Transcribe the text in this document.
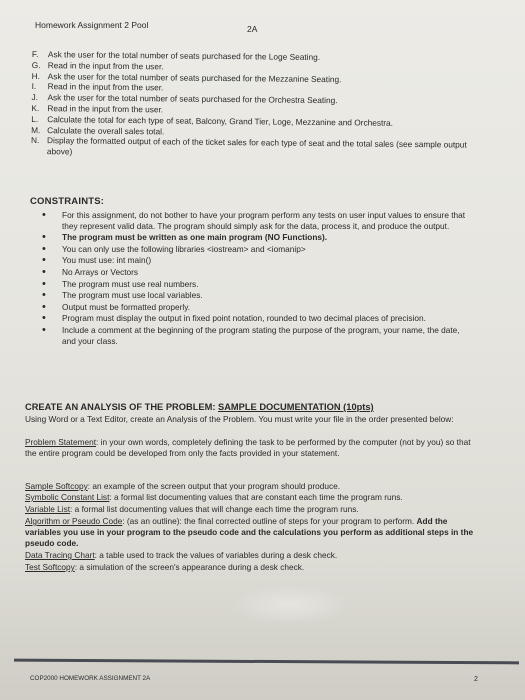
Homework Assignment 2 Pool	2A
F.	Ask the user for the total number of seats purchased for the Loge Seating.
G. Read in the input from the user.
H. Ask the user for the total number of seats purchased for the Mezzanine Seating.
I.	Read in the input from the user.
J.	Ask the user for the total number of seats purchased for the Orchestra Seating.
K. Read in the input from the user.
L.	Calculate the total for each type of seat, Balcony, Grand Tier, Loge, Mezzanine and Orchestra.
M. Calculate the overall sales total.
N. Display the formatted output of each of the ticket sales for each type of seat and the total sales (see sample output above)
CONSTRAINTS:
•	For this assignment, do not bother to have your program perform any tests on user input values to ensure that they represent valid data. The program should simply ask for the data, process it, and produce the output.
•	The program must be written as one main program (NO Functions).
•	You can only use the following libraries <iostream> and <iomanip>
•	You must use: int main()
•	No Arrays or Vectors
•	The program must use real numbers.
•	The program must use local variables.
•	Output must be formatted properly.
•	Program must display the output in fixed point notation, rounded to two decimal places of precision.
•	Include a comment at the beginning of the program stating the purpose of the program, your name, the date, and your class.
CREATE AN ANALYSIS OF THE PROBLEM: SAMPLE DOCUMENTATION (10pts)
Using Word or a Text Editor, create an Analysis of the Problem. You must write your file in the order presented below:
Problem Statement: in your own words, completely defining the task to be performed by the computer (not by you) so that the entire program could be developed from only the facts provided in your statement.
Sample Softcopy: an example of the screen output that your program should produce.
Symbolic Constant List: a formal list documenting values that are constant each time the program runs.
Variable List: a formal list documenting values that will change each time the program runs.
Algorithm or Pseudo Code: (as an outline): the final corrected outline of steps for your program to perform. Add the variables you use in your program to the pseudo code and the calculations you perform as additional steps in the pseudo code.
Data Tracing Chart: a table used to track the values of variables during a desk check.
Test Softcopy: a simulation of the screen's appearance during a desk check.
COP2000 HOMEWORK ASSIGNMENT 2A	2
